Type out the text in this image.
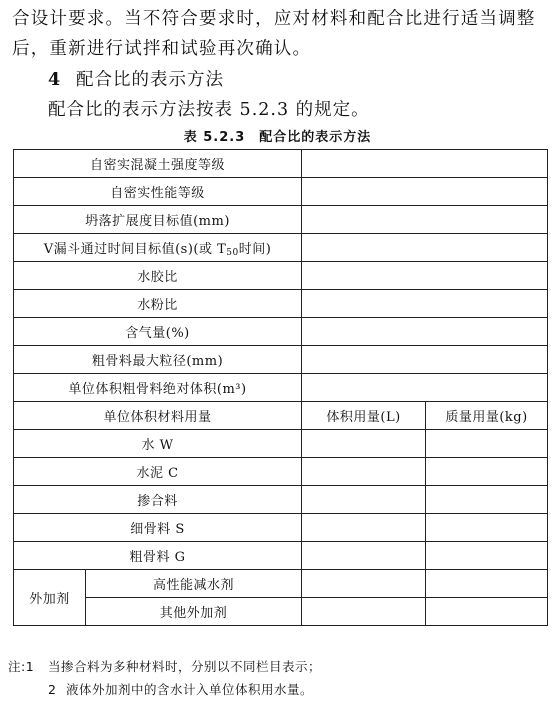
合设计要求。当不符合要求时，应对材料和配合比进行适当调整后，重新进行试拌和试验再次确认。
4 配合比的表示方法
配合比的表示方法按表 5.2.3 的规定。
表 5.2.3 配合比的表示方法
自密实混凝土强度等级			
自密实性能等级			
坍落扩展度目标值(mm)			
V漏斗通过时间目标值(s)(或 $T_{50}$时间)			
水胶比			
水粉比			
含气量(%)			
粗骨料最大粒径(mm)			
单位体积粗骨料绝对体积(m³)			
单位体积材料用量		体积用量(L)	质量用量(kg)
水 W			
水泥 C			
掺合料			
细骨料 S			
粗骨料 G			
外加剂	高性能减水剂		
	其他外加剂		
注:1 当掺合料为多种材料时，分别以不同栏目表示；
2 液体外加剂中的含水计入单位体积用水量。
